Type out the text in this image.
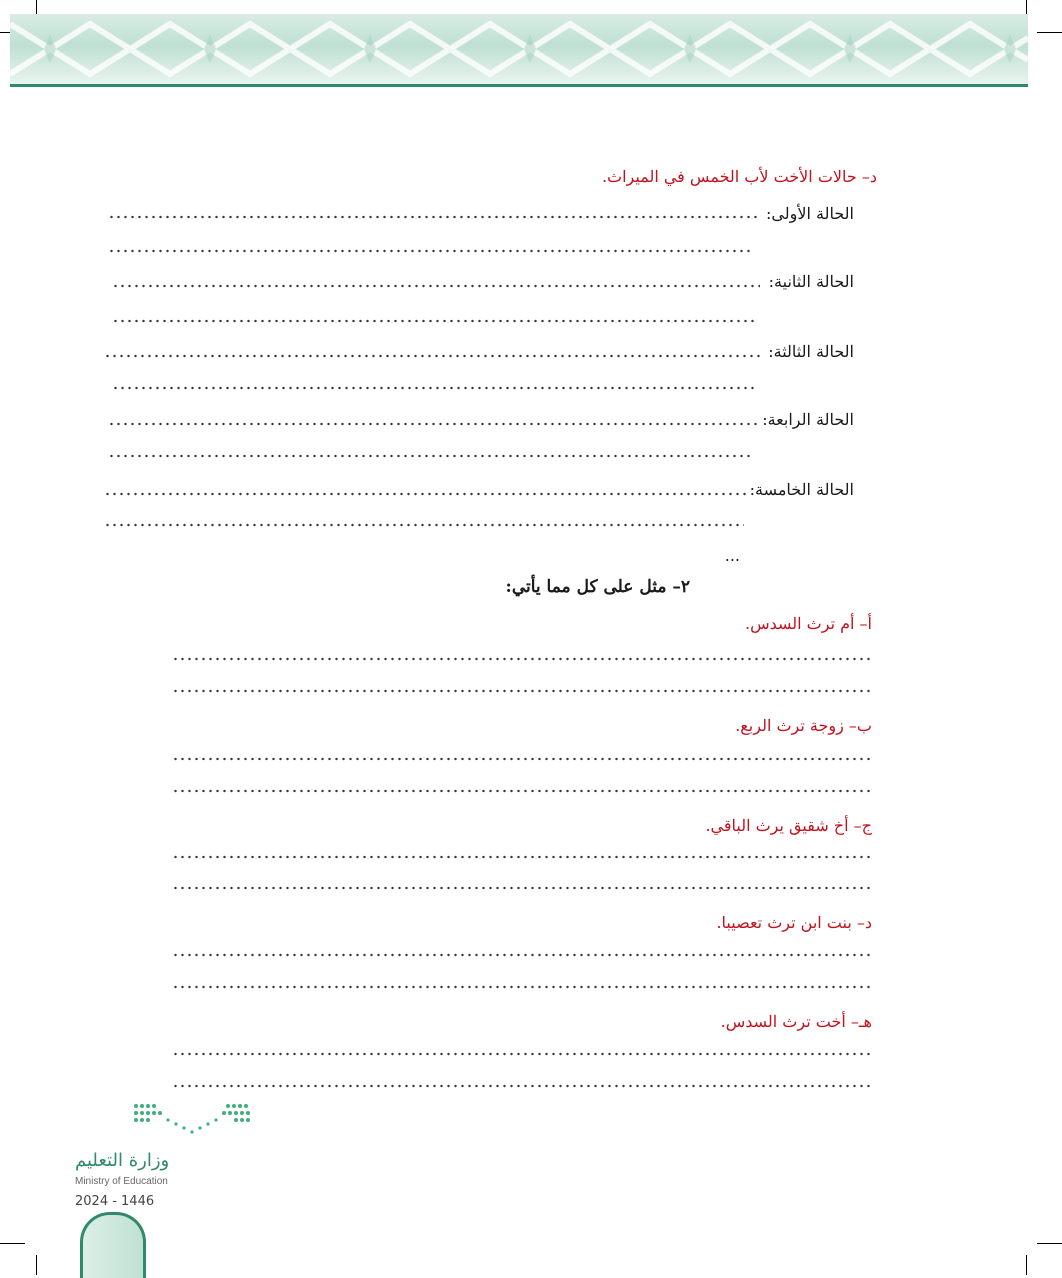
د– حالات الأخت لأب الخمس في الميراث.
الحالة الأولى:
الحالة الثانية:
الحالة الثالثة:
الحالة الرابعة:
الحالة الخامسة:
...
٢– مثل على كل مما يأتي:
أ– أم ترث السدس.
ب– زوجة ترث الربع.
ج– أخ شقيق يرث الباقي.
د– بنت ابن ترث تعصيبا.
هـ– أخت ترث السدس.
وزارة التعليم
Ministry of Education
2024 - 1446
